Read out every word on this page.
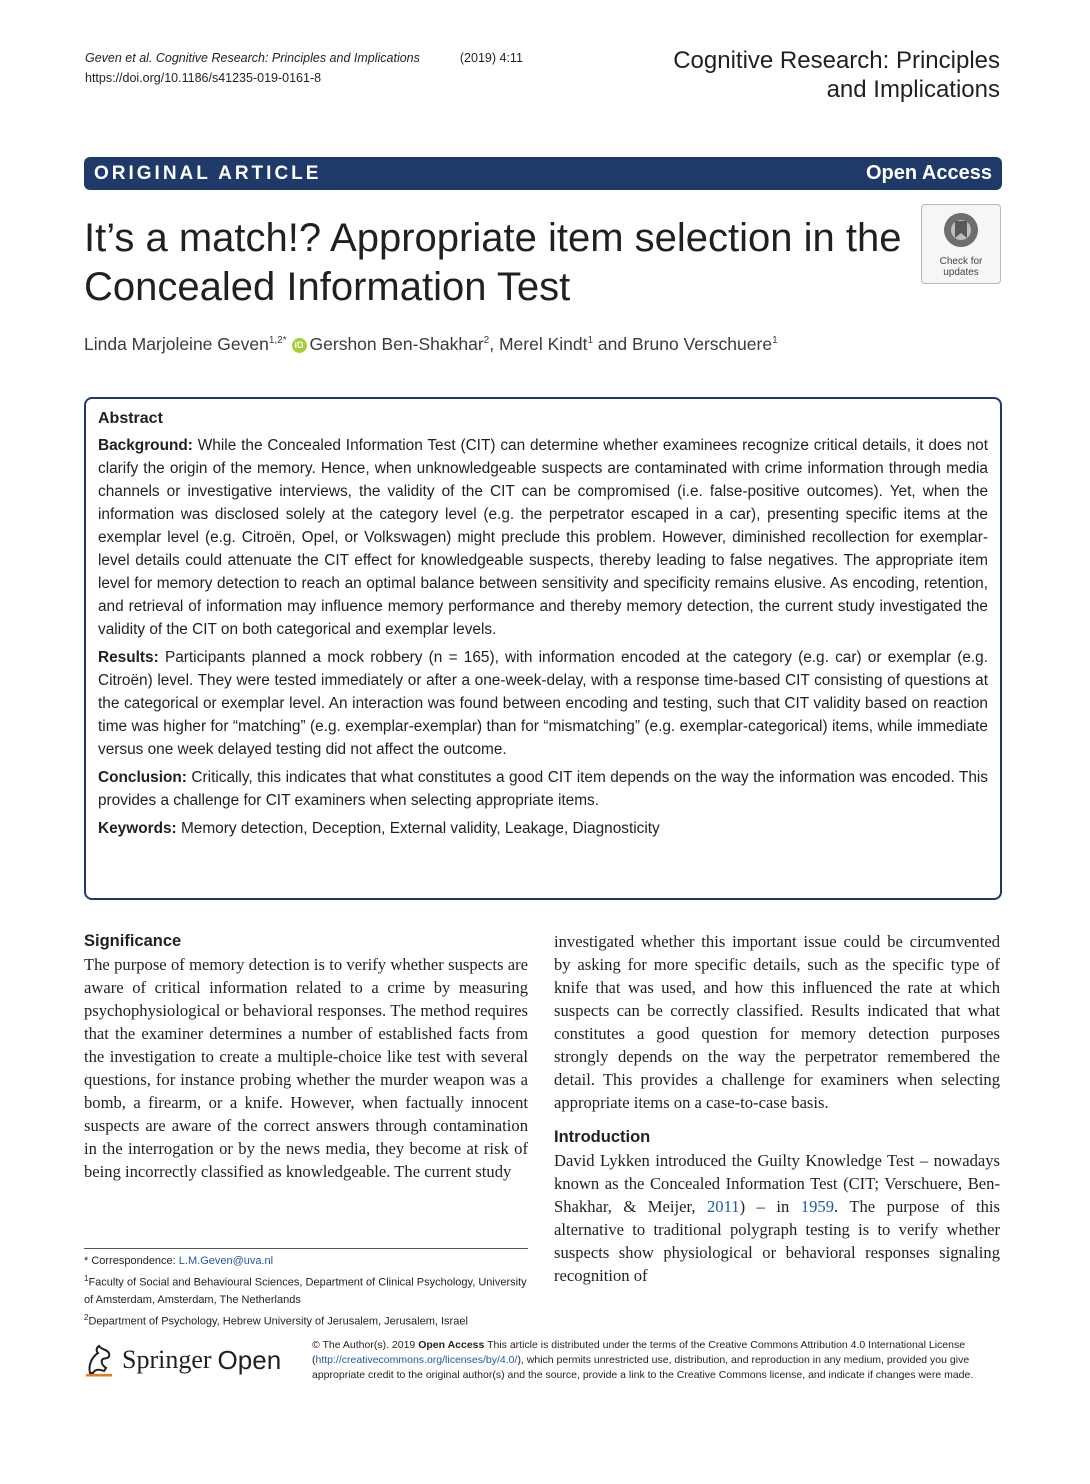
Geven et al. Cognitive Research: Principles and Implications	(2019) 4:11
https://doi.org/10.1186/s41235-019-0161-8
Cognitive Research: Principles
and Implications
ORIGINAL ARTICLE	Open Access
It’s a match!? Appropriate item selection in the Concealed Information Test
Check for
updates
Linda Marjoleine Geven$^{1,2*}$ iD Gershon Ben-Shakhar$^2$, Merel Kindt$^1$ and Bruno Verschuere$^1$
Abstract

Background: While the Concealed Information Test (CIT) can determine whether examinees recognize critical details, it does not clarify the origin of the memory. Hence, when unknowledgeable suspects are contaminated with crime information through media channels or investigative interviews, the validity of the CIT can be compromised (i.e. false-positive outcomes). Yet, when the information was disclosed solely at the category level (e.g. the perpetrator escaped in a car), presenting specific items at the exemplar level (e.g. Citroën, Opel, or Volkswagen) might preclude this problem. However, diminished recollection for exemplar-level details could attenuate the CIT effect for knowledgeable suspects, thereby leading to false negatives. The appropriate item level for memory detection to reach an optimal balance between sensitivity and specificity remains elusive. As encoding, retention, and retrieval of information may influence memory performance and thereby memory detection, the current study investigated the validity of the CIT on both categorical and exemplar levels.

Results: Participants planned a mock robbery (n = 165), with information encoded at the category (e.g. car) or exemplar (e.g. Citroën) level. They were tested immediately or after a one-week-delay, with a response time-based CIT consisting of questions at the categorical or exemplar level. An interaction was found between encoding and testing, such that CIT validity based on reaction time was higher for “matching” (e.g. exemplar-exemplar) than for “mismatching” (e.g. exemplar-categorical) items, while immediate versus one week delayed testing did not affect the outcome.

Conclusion: Critically, this indicates that what constitutes a good CIT item depends on the way the information was encoded. This provides a challenge for CIT examiners when selecting appropriate items.

Keywords: Memory detection, Deception, External validity, Leakage, Diagnosticity

Significance

The purpose of memory detection is to verify whether suspects are aware of critical information related to a crime by measuring psychophysiological or behavioral responses. The method requires that the examiner determines a number of established facts from the investigation to create a multiple-choice like test with several questions, for instance probing whether the murder weapon was a bomb, a firearm, or a knife. However, when factually innocent suspects are aware of the correct answers through contamination in the interrogation or by the news media, they become at risk of being incorrectly classified as knowledgeable. The current study

investigated whether this important issue could be circumvented by asking for more specific details, such as the specific type of knife that was used, and how this influenced the rate at which suspects can be correctly classified. Results indicated that what constitutes a good question for memory detection purposes strongly depends on the way the perpetrator remembered the detail. This provides a challenge for examiners when selecting appropriate items on a case-to-case basis.

Introduction

David Lykken introduced the Guilty Knowledge Test – nowadays known as the Concealed Information Test (CIT; Verschuere, Ben-Shakhar, & Meijer, 2011) – in 1959. The purpose of this alternative to traditional polygraph testing is to verify whether suspects show physiological or behavioral responses signaling recognition of

* Correspondence: L.M.Geven@uva.nl
$^1$Faculty of Social and Behavioural Sciences, Department of Clinical Psychology, University of Amsterdam, Amsterdam, The Netherlands
$^2$Department of Psychology, Hebrew University of Jerusalem, Jerusalem, Israel
Springer Open	© The Author(s). 2019 Open Access This article is distributed under the terms of the Creative Commons Attribution 4.0 International License (http://creativecommons.org/licenses/by/4.0/), which permits unrestricted use, distribution, and reproduction in any medium, provided you give appropriate credit to the original author(s) and the source, provide a link to the Creative Commons license, and indicate if changes were made.
